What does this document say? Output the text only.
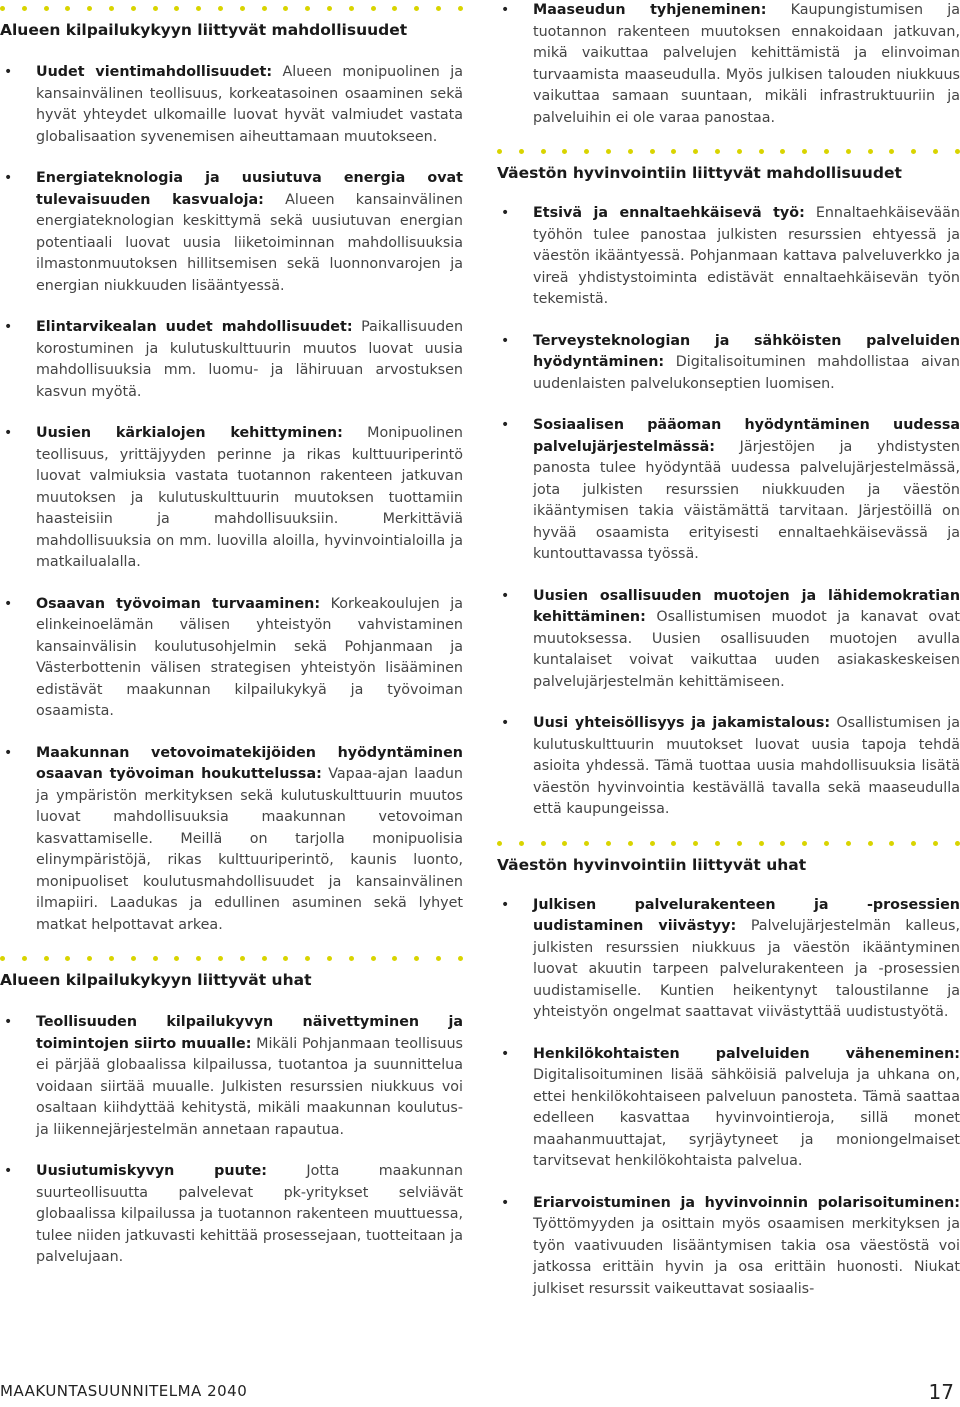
Alueen kilpailukykyyn liittyvät mahdollisuudet
• Uudet vientimahdollisuudet: Alueen monipuolinen ja kansainvälinen teollisuus, korkeatasoinen osaaminen sekä hyvät yhteydet ulkomaille luovat hyvät valmiudet vastata globalisaation syvenemisen aiheuttamaan muutokseen.
• Energiateknologia ja uusiutuva energia ovat tulevaisuuden kasvualoja: Alueen kansainvälinen energiateknologian keskittymä sekä uusiutuvan energian potentiaali luovat uusia liiketoiminnan mahdollisuuksia ilmastonmuutoksen hillitsemisen sekä luonnonvarojen ja energian niukkuuden lisääntyessä.
• Elintarvikealan uudet mahdollisuudet: Paikallisuuden korostuminen ja kulutuskulttuurin muutos luovat uusia mahdollisuuksia mm. luomu- ja lähiruuan arvostuksen kasvun myötä.
• Uusien kärkialojen kehittyminen: Monipuolinen teollisuus, yrittäjyyden perinne ja rikas kulttuuriperintö luovat valmiuksia vastata tuotannon rakenteen jatkuvan muutoksen ja kulutuskulttuurin muutoksen tuottamiin haasteisiin ja mahdollisuuksiin. Merkittäviä mahdollisuuksia on mm. luovilla aloilla, hyvinvointialoilla ja matkailualalla.
• Osaavan työvoiman turvaaminen: Korkeakoulujen ja elinkeinoelämän välisen yhteistyön vahvistaminen kansainvälisin koulutusohjelmin sekä Pohjanmaan ja Västerbottenin välisen strategisen yhteistyön lisääminen edistävät maakunnan kilpailukykyä ja työvoiman osaamista.
• Maakunnan vetovoimatekijöiden hyödyntäminen osaavan työvoiman houkuttelussa: Vapaa-ajan laadun ja ympäristön merkityksen sekä kulutuskulttuurin muutos luovat mahdollisuuksia maakunnan vetovoiman kasvattamiselle. Meillä on tarjolla monipuolisia elinympäristöjä, rikas kulttuuriperintö, kaunis luonto, monipuoliset koulutusmahdollisuudet ja kansainvälinen ilmapiiri. Laadukas ja edullinen asuminen sekä lyhyet matkat helpottavat arkea.
Alueen kilpailukykyyn liittyvät uhat
• Teollisuuden kilpailukyvyn näivettyminen ja toimintojen siirto muualle: Mikäli Pohjanmaan teollisuus ei pärjää globaalissa kilpailussa, tuotantoa ja suunnittelua voidaan siirtää muualle. Julkisten resurssien niukkuus voi osaltaan kiihdyttää kehitystä, mikäli maakunnan koulutus- ja liikennejärjestelmän annetaan rapautua.
• Uusiutumiskyvyn puute:	Jotta maakunnan suurteollisuutta palvelevat pk-yritykset selviävät globaalissa kilpailussa ja tuotannon rakenteen muuttuessa, tulee niiden jatkuvasti kehittää prosessejaan, tuotteitaan ja palvelujaan.
• Maaseudun tyhjeneminen: Kaupungistumisen ja tuotannon rakenteen muutoksen ennakoidaan jatkuvan, mikä vaikuttaa palvelujen kehittämistä ja elinvoiman turvaamista maaseudulla. Myös julkisen talouden niukkuus vaikuttaa samaan suuntaan, mikäli infrastruktuuriin ja palveluihin ei ole varaa panostaa.
Väestön hyvinvointiin liittyvät mahdollisuudet
• Etsivä ja ennaltaehkäisevä työ: Ennaltaehkäisevään työhön tulee panostaa julkisten resurssien ehtyessä ja väestön ikääntyessä. Pohjanmaan kattava palveluverkko ja vireä yhdistystoiminta edistävät ennaltaehkäisevän työn tekemistä.
• Terveysteknologian ja sähköisten palveluiden hyödyntäminen: Digitalisoituminen mahdollistaa aivan uudenlaisten palvelukonseptien luomisen.
• Sosiaalisen pääoman hyödyntäminen uudessa palvelujärjestelmässä: Järjestöjen ja yhdistysten panosta tulee hyödyntää uudessa palvelujärjestelmässä, jota julkisten resurssien niukkuuden ja väestön ikääntymisen takia väistämättä tarvitaan. Järjestöillä on hyvää osaamista erityisesti ennaltaehkäisevässä ja kuntouttavassa työssä.
• Uusien osallisuuden muotojen ja lähidemokratian kehittäminen: Osallistumisen muodot ja kanavat ovat muutoksessa. Uusien osallisuuden muotojen avulla kuntalaiset voivat vaikuttaa uuden asiakaskeskeisen palvelujärjestelmän kehittämiseen.
• Uusi yhteisöllisyys ja jakamistalous: Osallistumisen ja kulutuskulttuurin muutokset luovat uusia tapoja tehdä asioita yhdessä. Tämä tuottaa uusia mahdollisuuksia lisätä väestön hyvinvointia kestävällä tavalla sekä maaseudulla että kaupungeissa.
Väestön hyvinvointiin liittyvät uhat
• Julkisen palvelurakenteen ja -prosessien uudistaminen viivästyy: Palvelujärjestelmän kalleus, julkisten resurssien niukkuus ja väestön ikääntyminen luovat akuutin tarpeen palvelurakenteen ja -prosessien uudistamiselle. Kuntien heikentynyt taloustilanne ja yhteistyön ongelmat saattavat viivästyttää uudistustyötä.
• Henkilökohtaisten palveluiden väheneminen: Digitalisoituminen lisää sähköisiä palveluja ja uhkana on, ettei henkilökohtaiseen palveluun panosteta. Tämä saattaa edelleen kasvattaa hyvinvointieroja, sillä monet maahanmuuttajat, syrjäytyneet ja moniongelmaiset tarvitsevat henkilökohtaista palvelua.
• Eriarvoistuminen ja hyvinvoinnin polarisoituminen: Työttömyyden ja osittain myös osaamisen merkityksen ja työn vaativuuden lisääntymisen takia osa väestöstä voi jatkossa erittäin hyvin ja osa erittäin huonosti. Niukat julkiset resurssit vaikeuttavat sosiaalis-
MAAKUNTASUUNNITELMA 2040	17
